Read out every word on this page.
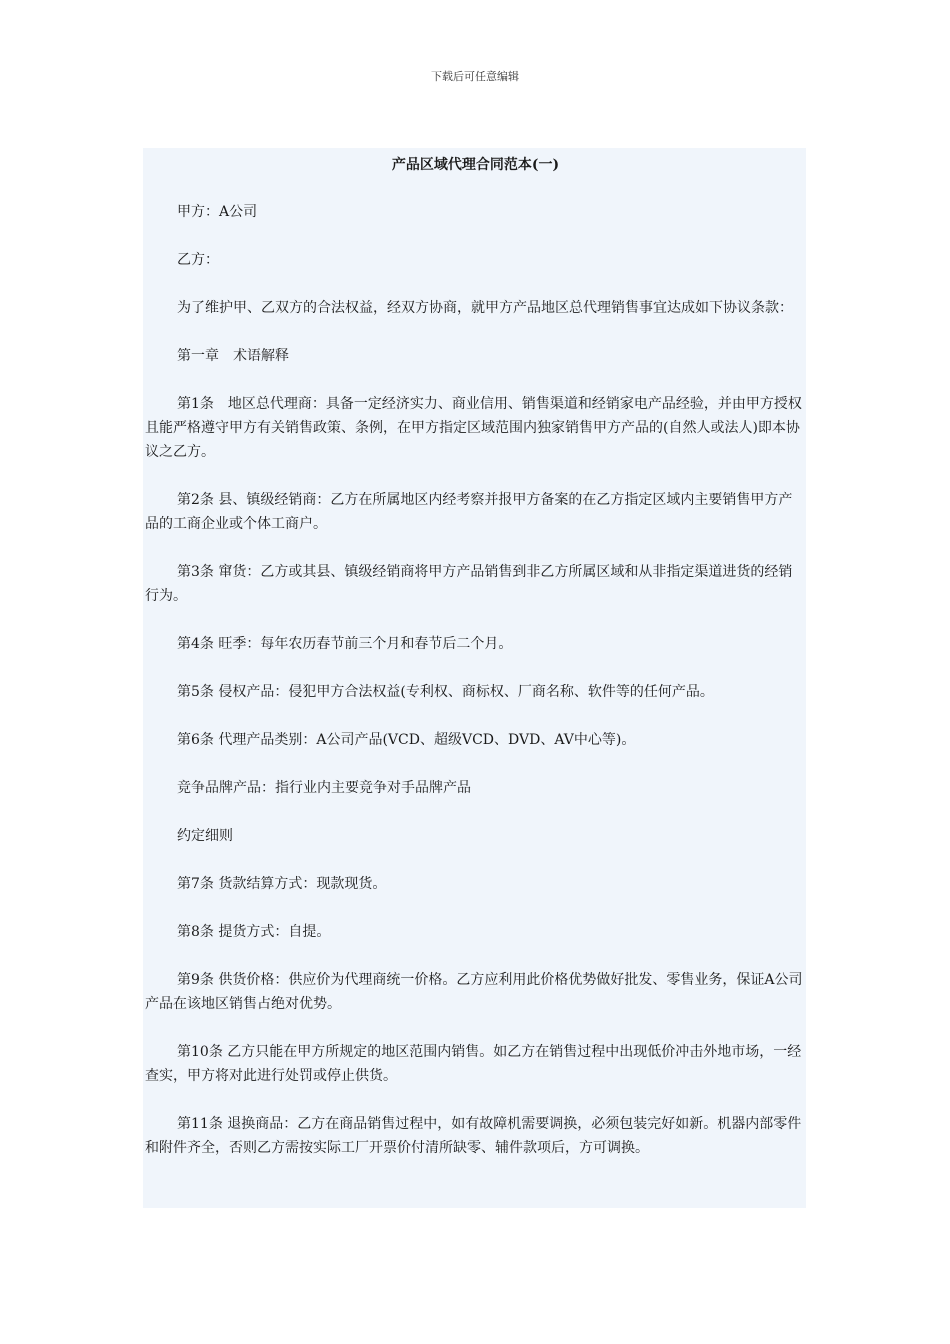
下载后可任意编辑
产品区域代理合同范本(一)

甲方：A公司

乙方：

为了维护甲、乙双方的合法权益，经双方协商，就甲方产品地区总代理销售事宜达成如下协议条款：

第一章　术语解释

第1条　地区总代理商：具备一定经济实力、商业信用、销售渠道和经销家电产品经验，并由甲方授权且能严格遵守甲方有关销售政策、条例，在甲方指定区域范围内独家销售甲方产品的(自然人或法人)即本协议之乙方。

第2条 县、镇级经销商：乙方在所属地区内经考察并报甲方备案的在乙方指定区域内主要销售甲方产品的工商企业或个体工商户。

第3条 窜货：乙方或其县、镇级经销商将甲方产品销售到非乙方所属区域和从非指定渠道进货的经销行为。

第4条 旺季：每年农历春节前三个月和春节后二个月。

第5条 侵权产品：侵犯甲方合法权益(专利权、商标权、厂商名称、软件等的任何产品。

第6条 代理产品类别：A公司产品(VCD、超级VCD、DVD、AV中心等)。

竞争品牌产品：指行业内主要竞争对手品牌产品

约定细则

第7条 货款结算方式：现款现货。

第8条 提货方式：自提。

第9条 供货价格：供应价为代理商统一价格。乙方应利用此价格优势做好批发、零售业务，保证A公司产品在该地区销售占绝对优势。

第10条 乙方只能在甲方所规定的地区范围内销售。如乙方在销售过程中出现低价冲击外地市场，一经查实，甲方将对此进行处罚或停止供货。

第11条 退换商品：乙方在商品销售过程中，如有故障机需要调换，必须包装完好如新。机器内部零件和附件齐全，否则乙方需按实际工厂开票价付清所缺零、辅件款项后，方可调换。
